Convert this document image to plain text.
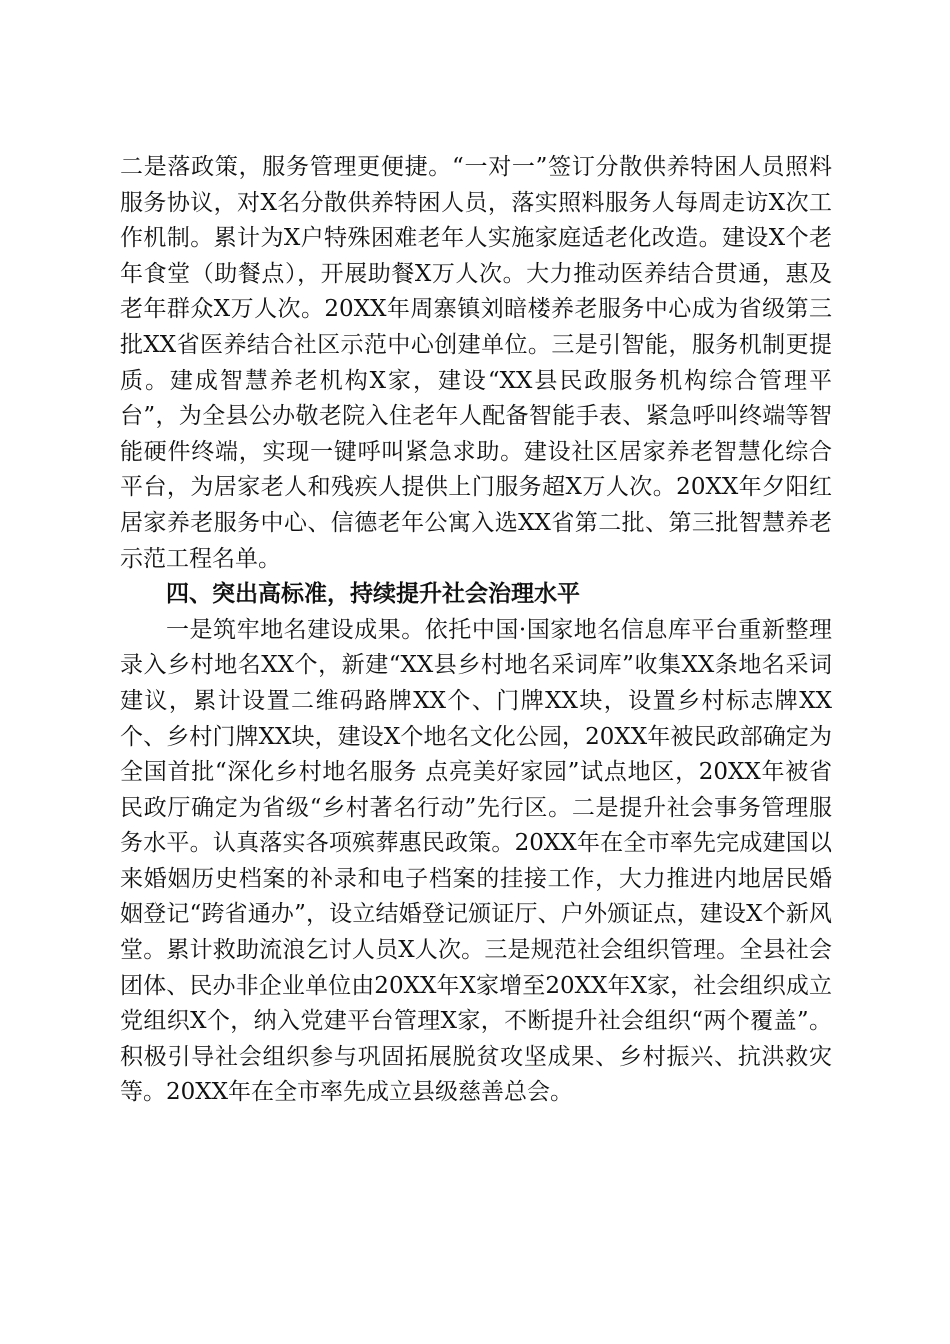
二是落政策，服务管理更便捷。“一对一”签订分散供养特困人员照料服务协议，对X名分散供养特困人员，落实照料服务人每周走访X次工作机制。累计为X户特殊困难老年人实施家庭适老化改造。建设X个老年食堂（助餐点），开展助餐X万人次。大力推动医养结合贯通，惠及老年群众X万人次。20XX年周寨镇刘暗楼养老服务中心成为省级第三批XX省医养结合社区示范中心创建单位。三是引智能，服务机制更提质。建成智慧养老机构X家，建设“XX县民政服务机构综合管理平台”，为全县公办敬老院入住老年人配备智能手表、紧急呼叫终端等智能硬件终端，实现一键呼叫紧急求助。建设社区居家养老智慧化综合平台，为居家老人和残疾人提供上门服务超X万人次。20XX年夕阳红居家养老服务中心、信德老年公寓入选XX省第二批、第三批智慧养老示范工程名单。

四、突出高标准，持续提升社会治理水平

一是筑牢地名建设成果。依托中国·国家地名信息库平台重新整理录入乡村地名XX个，新建“XX县乡村地名采词库”收集XX条地名采词建议，累计设置二维码路牌XX个、门牌XX块，设置乡村标志牌XX个、乡村门牌XX块，建设X个地名文化公园，20XX年被民政部确定为全国首批“深化乡村地名服务 点亮美好家园”试点地区，20XX年被省民政厅确定为省级“乡村著名行动”先行区。二是提升社会事务管理服务水平。认真落实各项殡葬惠民政策。20XX年在全市率先完成建国以来婚姻历史档案的补录和电子档案的挂接工作，大力推进内地居民婚姻登记“跨省通办”，设立结婚登记颁证厅、户外颁证点，建设X个新风堂。累计救助流浪乞讨人员X人次。三是规范社会组织管理。全县社会团体、民办非企业单位由20XX年X家增至20XX年X家，社会组织成立党组织X个，纳入党建平台管理X家，不断提升社会组织“两个覆盖”。积极引导社会组织参与巩固拓展脱贫攻坚成果、乡村振兴、抗洪救灾等。20XX年在全市率先成立县级慈善总会。
